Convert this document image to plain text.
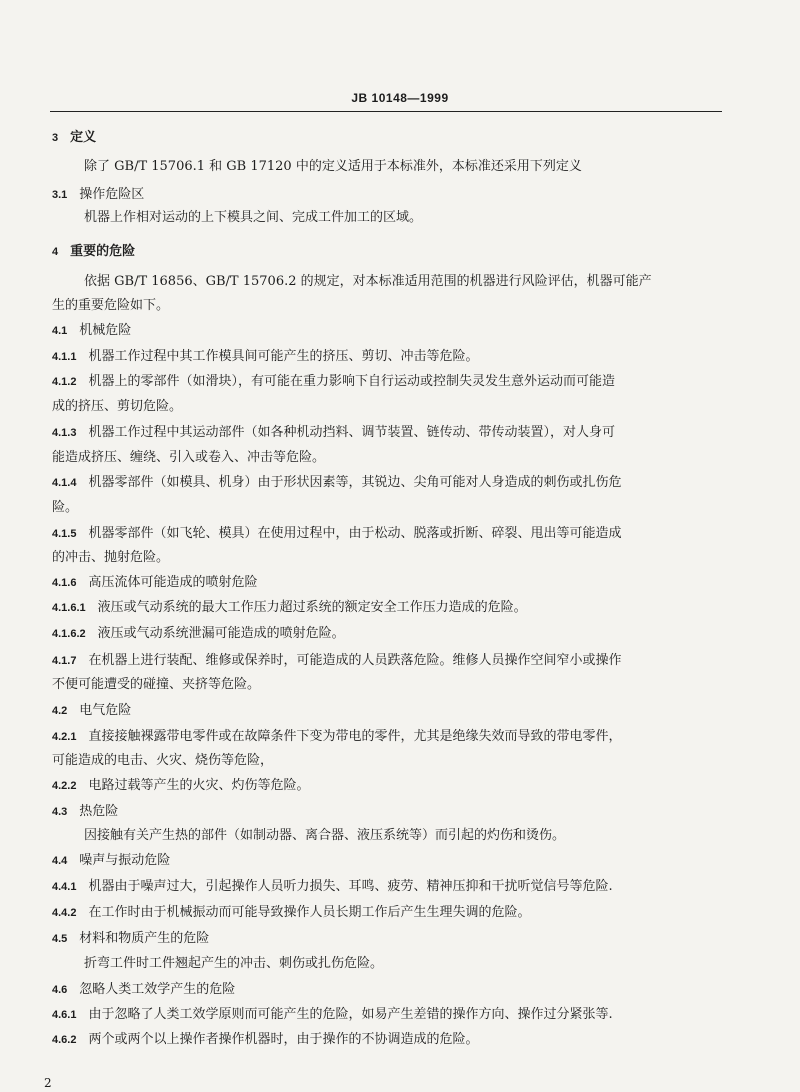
JB 10148—1999
3 定义
除了 GB/T 15706.1 和 GB 17120 中的定义适用于本标准外，本标准还采用下列定义
3.1 操作危险区
机器上作相对运动的上下模具之间、完成工件加工的区域。
4 重要的危险
依据 GB/T 16856、GB/T 15706.2 的规定，对本标准适用范围的机器进行风险评估，机器可能产
生的重要危险如下。
4.1 机械危险
4.1.1 机器工作过程中其工作模具间可能产生的挤压、剪切、冲击等危险。
4.1.2 机器上的零部件（如滑块），有可能在重力影响下自行运动或控制失灵发生意外运动而可能造
成的挤压、剪切危险。
4.1.3 机器工作过程中其运动部件（如各种机动挡料、调节装置、链传动、带传动装置），对人身可
能造成挤压、缠绕、引入或卷入、冲击等危险。
4.1.4 机器零部件（如模具、机身）由于形状因素等，其锐边、尖角可能对人身造成的刺伤或扎伤危
险。
4.1.5 机器零部件（如飞轮、模具）在使用过程中，由于松动、脱落或折断、碎裂、甩出等可能造成
的冲击、抛射危险。
4.1.6 高压流体可能造成的喷射危险
4.1.6.1 液压或气动系统的最大工作压力超过系统的额定安全工作压力造成的危险。
4.1.6.2 液压或气动系统泄漏可能造成的喷射危险。
4.1.7 在机器上进行装配、维修或保养时，可能造成的人员跌落危险。维修人员操作空间窄小或操作
不便可能遭受的碰撞、夹挤等危险。
4.2 电气危险
4.2.1 直接接触裸露带电零件或在故障条件下变为带电的零件，尤其是绝缘失效而导致的带电零件，
可能造成的电击、火灾、烧伤等危险，
4.2.2 电路过载等产生的火灾、灼伤等危险。
4.3 热危险
因接触有关产生热的部件（如制动器、离合器、液压系统等）而引起的灼伤和烫伤。
4.4 噪声与振动危险
4.4.1 机器由于噪声过大，引起操作人员听力损失、耳鸣、疲劳、精神压抑和干扰听觉信号等危险.
4.4.2 在工作时由于机械振动而可能导致操作人员长期工作后产生生理失调的危险。
4.5 材料和物质产生的危险
折弯工件时工件翘起产生的冲击、刺伤或扎伤危险。
4.6 忽略人类工效学产生的危险
4.6.1 由于忽略了人类工效学原则而可能产生的危险，如易产生差错的操作方向、操作过分紧张等.
4.6.2 两个或两个以上操作者操作机器时，由于操作的不协调造成的危险。
2
